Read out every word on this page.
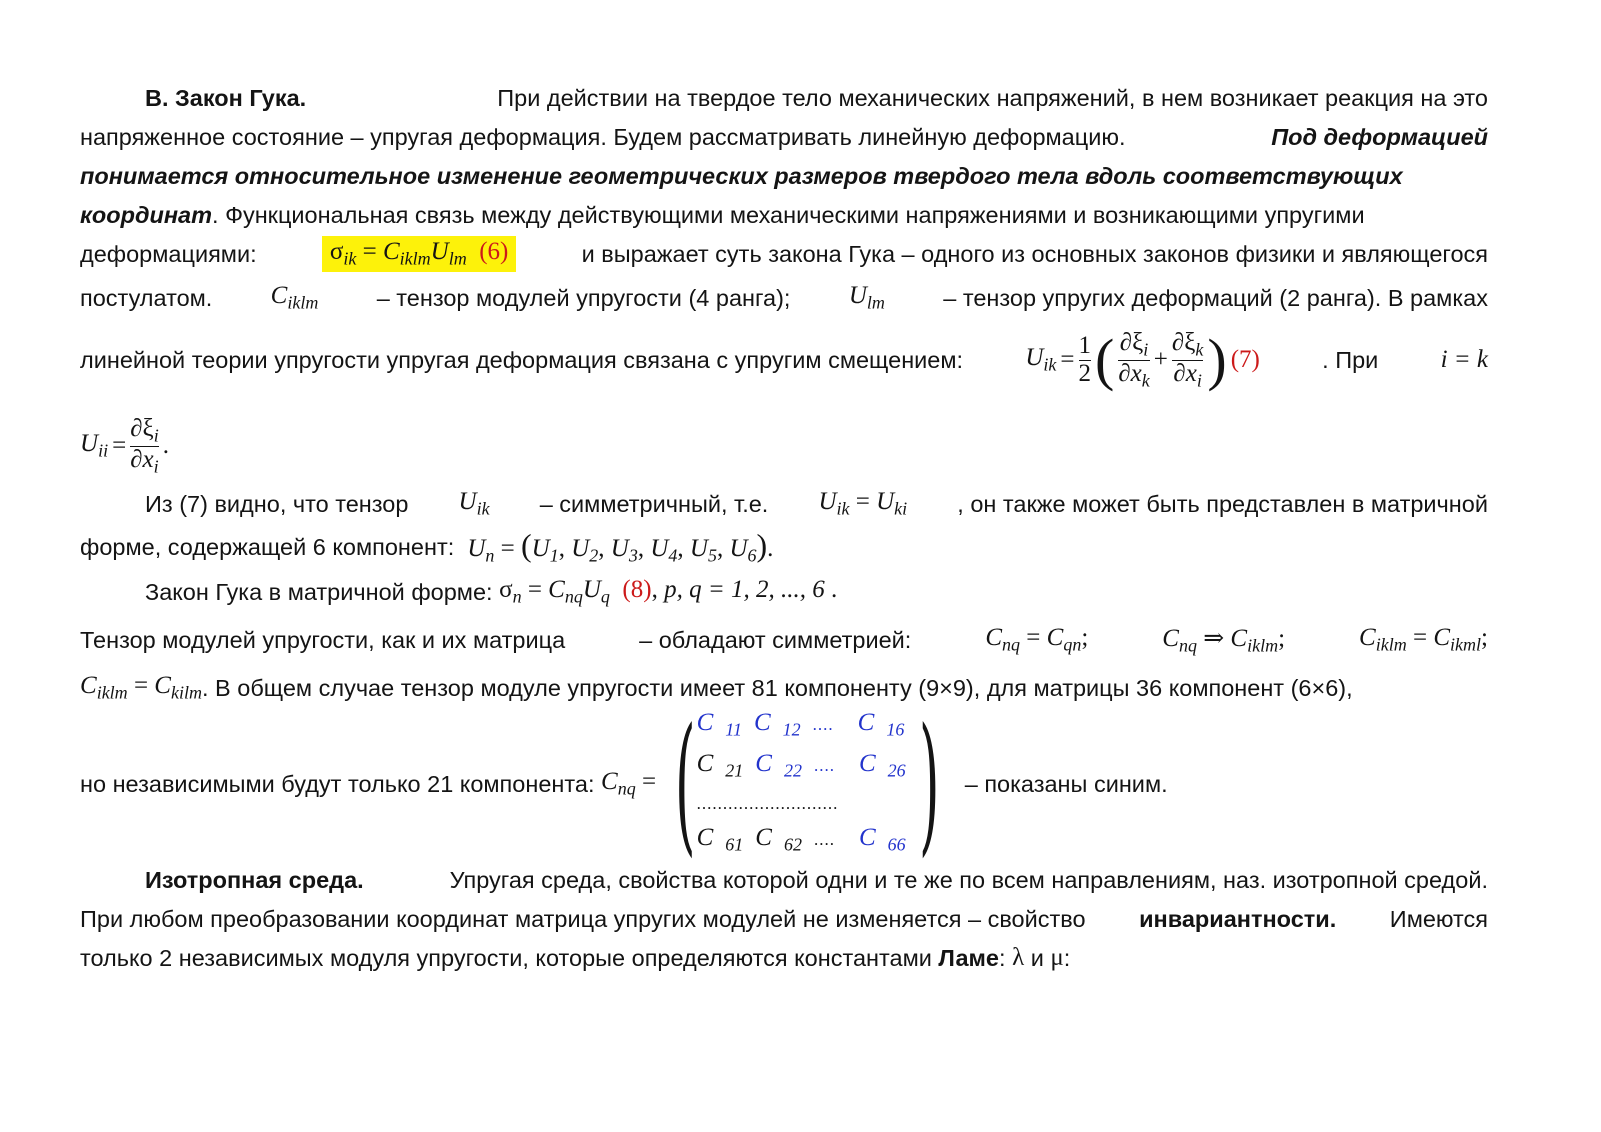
B. Закон Гука.	При действии на твердое тело механических напряжений, в нем возникает реакция на это
напряженное состояние – упругая деформация. Будем рассматривать линейную деформацию.	Под деформацией
понимается относительное изменение геометрических размеров твердого тела вдоль соответствующих
координат . Функциональная связь между действующими механическими напряжениями и возникающими упругими
деформациями:	$\sigma_{ik} = C_{iklm}U_{lm}$ (6)	и выражает суть закона Гука – одного из основных законов физики и являющегося
постулатом. $C_{iklm}$ – тензор модулей упругости (4 ранга); $U_{lm}$ – тензор упругих деформаций (2 ранга). В рамках
линейной теории упругости упругая деформация связана с упругим смещением: $U_{ik} = \frac{1}{2}$ ( $\frac{\partial\xi_i}{\partial x_k} + \frac{\partial\xi_k}{\partial x_i}$ ) (7)	. При i = k
$U_{ii} = \frac{\partial\xi_i}{\partial x_i}$ .
Из (7) видно, что тензор $U_{ik}$ – симметричный, т.е. $U_{ik} = U_{ki}$ , он также может быть представлен в матричной
форме, содержащей 6 компонент:
$U_n = (U_1$, $U_2$, $U_3$, $U_4$, $U_5$, $U_6$).
Закон Гука в матричной форме:
$\sigma_n = C_{nq}U_q$ (8), p, q = 1, 2, ..., 6 .
Тензор модулей упругости, как и их матрица	– обладают симметрией:	$C_{nq} = C_{qn}$;	$C_{nq}$ ⇒ $C_{iklm}$;	$C_{iklm} = C_{ikml}$;
$C_{iklm} = C_{kilm}$ . В общем случае тензор модуле упругости имеет 81 компоненту (9×9), для матрицы 36 компонент (6×6),
но независимыми будут только 21 компонента:
$C_{nq}$ = ( C $_{11}$ C $_{12}$ .... C $_{16}$
C $_{21}$ C $_{22}$ .... C $_{26}$
...........................
C $_{61}$ C $_{62}$ .... C $_{66}$ )
– показаны синим.
Изотропная среда.	Упругая среда, свойства которой одни и те же по всем направлениям, наз. изотропной средой.
При любом преобразовании координат матрица упругих модулей не изменяется – свойство инвариантности. Имеются
только 2 независимых модуля упругости, которые определяются константами
Ламе :
λ
и
μ :
